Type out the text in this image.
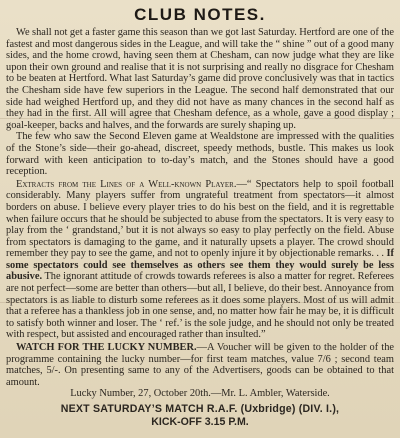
CLUB NOTES.

We shall not get a faster game this season than we got last Saturday. Hertford are one of the fastest and most dangerous sides in the League, and will take the “ shine ” out of a good many sides, and the home crowd, having seen them at Chesham, can now judge what they are like upon their own ground and realise that it is not surprising and really no disgrace for Chesham to be beaten at Hertford. What last Saturday’s game did prove conclusively was that in tactics the Chesham side have few superiors in the League. The second half demonstrated that our side had weighed Hertford up, and they did not have as many chances in the second half as they had in the first. All will agree that Chesham defence, as a whole, gave a good display ; goal-keeper, backs and halves, and the forwards are surely shaping up.

The few who saw the Second Eleven game at Wealdstone are impressed with the qualities of the Stone’s side—their go-ahead, discreet, speedy methods, bustle. This makes us look forward with keen anticipation to to-day’s match, and the Stones should have a good reception.

Extracts from the Lines of a Well-known Player.—“ Spectators help to spoil football considerably. Many players suffer from ungrateful treatment from spectators—it almost borders on abuse. I believe every player tries to do his best on the field, and it is regrettable when failure occurs that he should be subjected to abuse from the spectators. It is very easy to play from the ‘ grandstand,’ but it is not always so easy to play perfectly on the field. Abuse from spectators is damaging to the game, and it naturally upsets a player. The crowd should remember they pay to see the game, and not to openly injure it by objectionable remarks. . . If some spectators could see themselves as others see them they would surely be less abusive. The ignorant attitude of crowds towards referees is also a matter for regret. Referees are not perfect—some are better than others—but all, I believe, do their best. Annoyance from spectators is as liable to disturb some referees as it does some players. Most of us will admit that a referee has a thankless job in one sense, and, no matter how fair he may be, it is difficult to satisfy both winner and loser. The ‘ ref.’ is the sole judge, and he should not only be treated with respect, but assisted and encouraged rather than insulted.”

WATCH FOR THE LUCKY NUMBER.—A Voucher will be given to the holder of the programme containing the lucky number—for first team matches, value 7/6 ; second team matches, 5/-. On presenting same to any of the Advertisers, goods can be obtained to that amount.

Lucky Number, 27, October 20th.—Mr. L. Ambler, Waterside.

NEXT SATURDAY’S MATCH R.A.F. (Uxbridge) (DIV. I.),

KICK-OFF 3.15 P.M.
